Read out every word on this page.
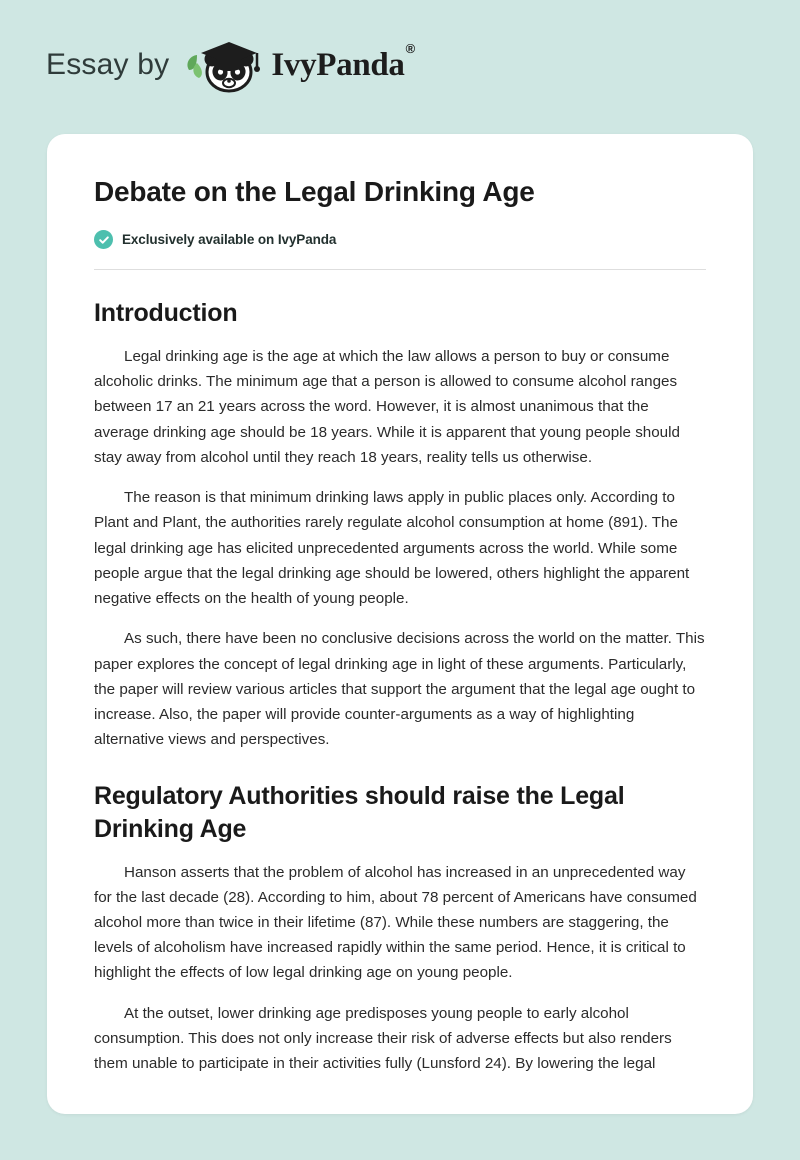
Essay by	IvyPanda®
Debate on the Legal Drinking Age
Exclusively available on IvyPanda
Introduction

Legal drinking age is the age at which the law allows a person to buy or consume alcoholic drinks. The minimum age that a person is allowed to consume alcohol ranges between 17 an 21 years across the word. However, it is almost unanimous that the average drinking age should be 18 years. While it is apparent that young people should stay away from alcohol until they reach 18 years, reality tells us otherwise.

The reason is that minimum drinking laws apply in public places only. According to Plant and Plant, the authorities rarely regulate alcohol consumption at home (891). The legal drinking age has elicited unprecedented arguments across the world. While some people argue that the legal drinking age should be lowered, others highlight the apparent negative effects on the health of young people.

As such, there have been no conclusive decisions across the world on the matter. This paper explores the concept of legal drinking age in light of these arguments. Particularly, the paper will review various articles that support the argument that the legal age ought to increase. Also, the paper will provide counter-arguments as a way of highlighting alternative views and perspectives.

Regulatory Authorities should raise the Legal Drinking Age

Hanson asserts that the problem of alcohol has increased in an unprecedented way for the last decade (28). According to him, about 78 percent of Americans have consumed alcohol more than twice in their lifetime (87). While these numbers are staggering, the levels of alcoholism have increased rapidly within the same period. Hence, it is critical to highlight the effects of low legal drinking age on young people.

At the outset, lower drinking age predisposes young people to early alcohol consumption. This does not only increase their risk of adverse effects but also renders them unable to participate in their activities fully (Lunsford 24). By lowering the legal
